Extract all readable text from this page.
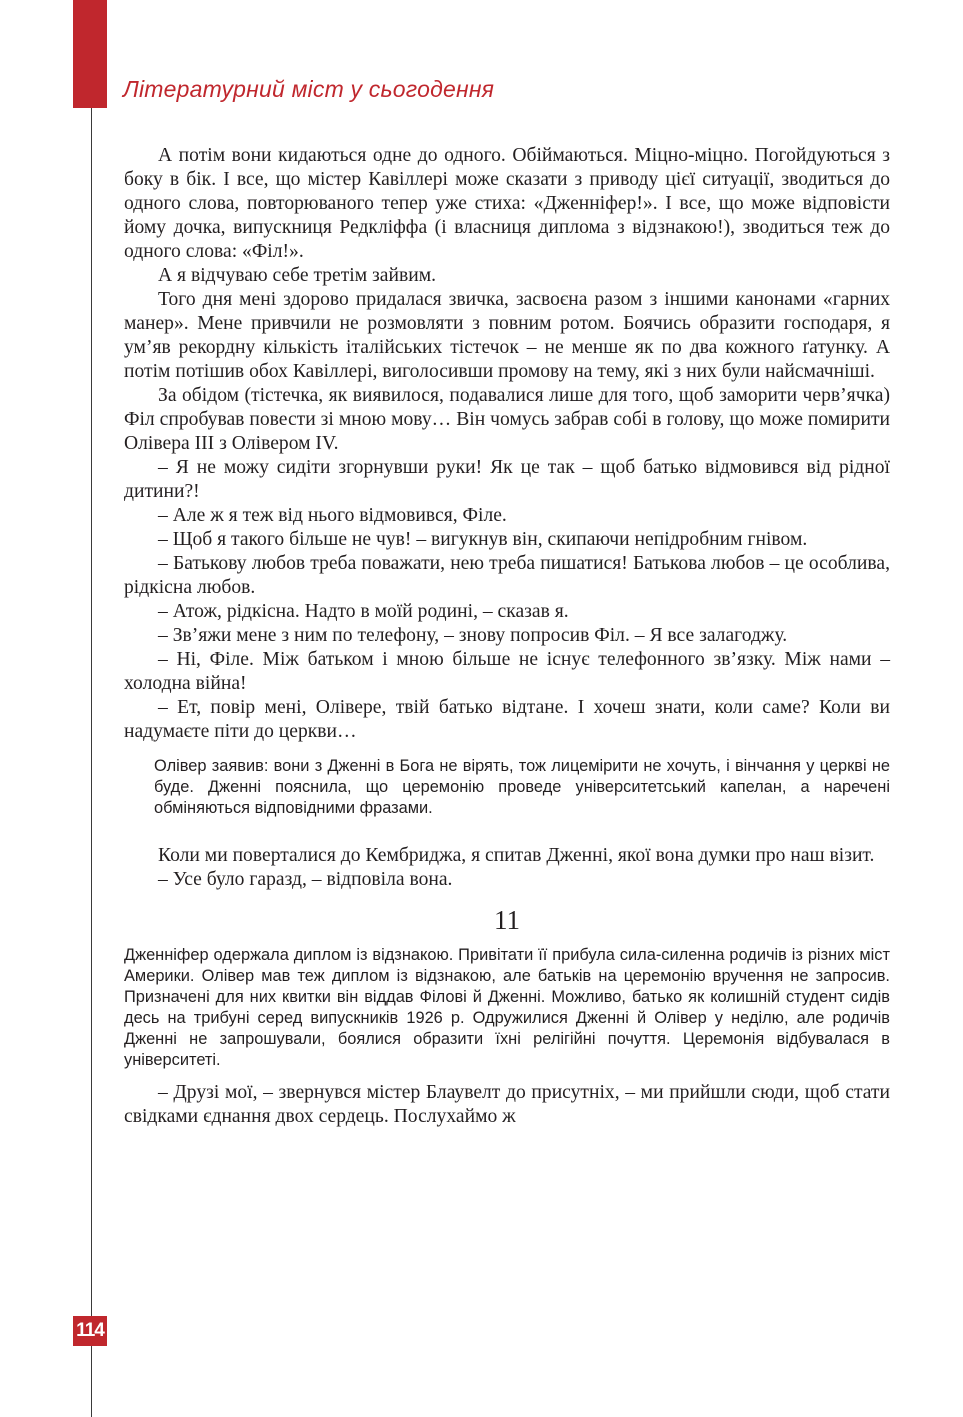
Літературний міст у сьогодення

А потім вони кидаються одне до одного. Обіймаються. Міцно-міцно. Погойдуються з боку в бік. І все, що містер Кавіллері може сказати з приводу цієї ситуації, зводиться до одного слова, повторюваного тепер уже стиха: «Дженніфер!». І все, що може відповісти йому дочка, випускниця Редкліффа (і власниця диплома з відзнакою!), зводиться теж до одного слова: «Філ!».

А я відчуваю себе третім зайвим.

Того дня мені здорово придалася звичка, засвоєна разом з іншими канонами «гарних манер». Мене привчили не розмовляти з повним ротом. Боячись образити господаря, я ум’яв рекордну кількість італійських тістечок – не менше як по два кожного ґатунку. А потім потішив обох Кавіллері, виголосивши промову на тему, які з них були найсмачніші.

За обідом (тістечка, як виявилося, подавалися лише для того, щоб заморити черв’ячка) Філ спробував повести зі мною мову… Він чомусь забрав собі в голову, що може помирити Олівера ІІІ з Олівером IV.

– Я не можу сидіти згорнувши руки! Як це так – щоб батько відмовився від рідної дитини?!

– Але ж я теж від нього відмовився, Філе.

– Щоб я такого більше не чув! – вигукнув він, скипаючи непідробним гнівом.

– Батькову любов треба поважати, нею треба пишатися! Батькова любов – це особлива, рідкісна любов.

– Атож, рідкісна. Надто в моїй родині, – сказав я.

– Зв’яжи мене з ним по телефону, – знову попросив Філ. – Я все залагоджу.

– Ні, Філе. Між батьком і мною більше не існує телефонного зв’язку. Між нами – холодна війна!

– Ет, повір мені, Олівере, твій батько відтане. І хочеш знати, коли саме? Коли ви надумаєте піти до церкви…

Олівер заявив: вони з Дженні в Бога не вірять, тож лицемірити не хочуть, і вінчання у церкві не буде. Дженні пояснила, що церемонію проведе університетський капелан, а наречені обміняються відповідними фразами.

Коли ми поверталися до Кембриджа, я спитав Дженні, якої вона думки про наш візит.

– Усе було гаразд, – відповіла вона.

11

Дженніфер одержала диплом із відзнакою. Привітати її прибула сила-силенна родичів із різних міст Америки. Олівер мав теж диплом із відзнакою, але батьків на церемонію вручення не запросив. Призначені для них квитки він віддав Філові й Дженні. Можливо, батько як колишній студент сидів десь на трибуні серед випускників 1926 р. Одружилися Дженні й Олівер у неділю, але родичів Дженні не запрошували, боялися образити їхні релігійні почуття. Церемонія відбувалася в університеті.

– Друзі мої, – звернувся містер Блаувелт до присутніх, – ми прийшли сюди, щоб стати свідками єднання двох сердець. Послухаймо ж

114
